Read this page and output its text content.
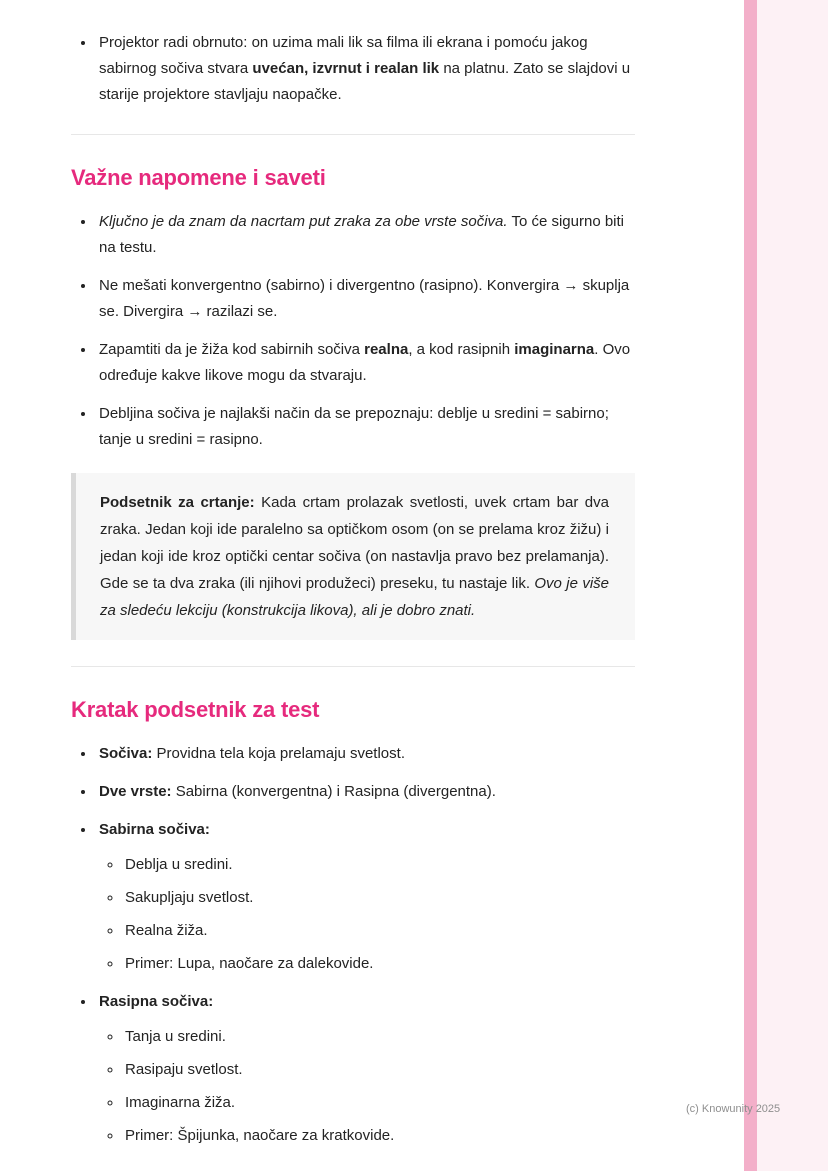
• Projektor radi obrnuto: on uzima mali lik sa filma ili ekrana i pomoću jakog sabirnog sočiva stvara uvećan, izvrnut i realan lik na platnu. Zato se slajdovi u starije projektore stavljaju naopačke.
Važne napomene i saveti
• Ključno je da znam da nacrtam put zraka za obe vrste sočiva. To će sigurno biti na testu.
• Ne mešati konvergentno (sabirno) i divergentno (rasipno). Konvergira → skuplja se. Divergira → razilazi se.
• Zapamtiti da je žiža kod sabirnih sočiva realna, a kod rasipnih imaginarna. Ovo određuje kakve likove mogu da stvaraju.
• Debljina sočiva je najlakši način da se prepoznaju: deblje u sredini = sabirno; tanje u sredini = rasipno.

Podsetnik za crtanje: Kada crtam prolazak svetlosti, uvek crtam bar dva zraka. Jedan koji ide paralelno sa optičkom osom (on se prelama kroz žižu) i jedan koji ide kroz optički centar sočiva (on nastavlja pravo bez prelamanja). Gde se ta dva zraka (ili njihovi produžeci) preseku, tu nastaje lik. Ovo je više za sledeću lekciju (konstrukcija likova), ali je dobro znati.

Kratak podsetnik za test
• Sočiva: Providna tela koja prelamaju svetlost.
• Dve vrste: Sabirna (konvergentna) i Rasipna (divergentna).
• Sabirna sočiva:
◦ Deblja u sredini.
◦ Sakupljaju svetlost.
◦ Realna žiža.
◦ Primer: Lupa, naočare za dalekovide.
• Rasipna sočiva:
◦ Tanja u sredini.
◦ Rasipaju svetlost.
◦ Imaginarna žiža.
◦ Primer: Špijunka, naočare za kratkovide.
(c) Knowunity 2025
